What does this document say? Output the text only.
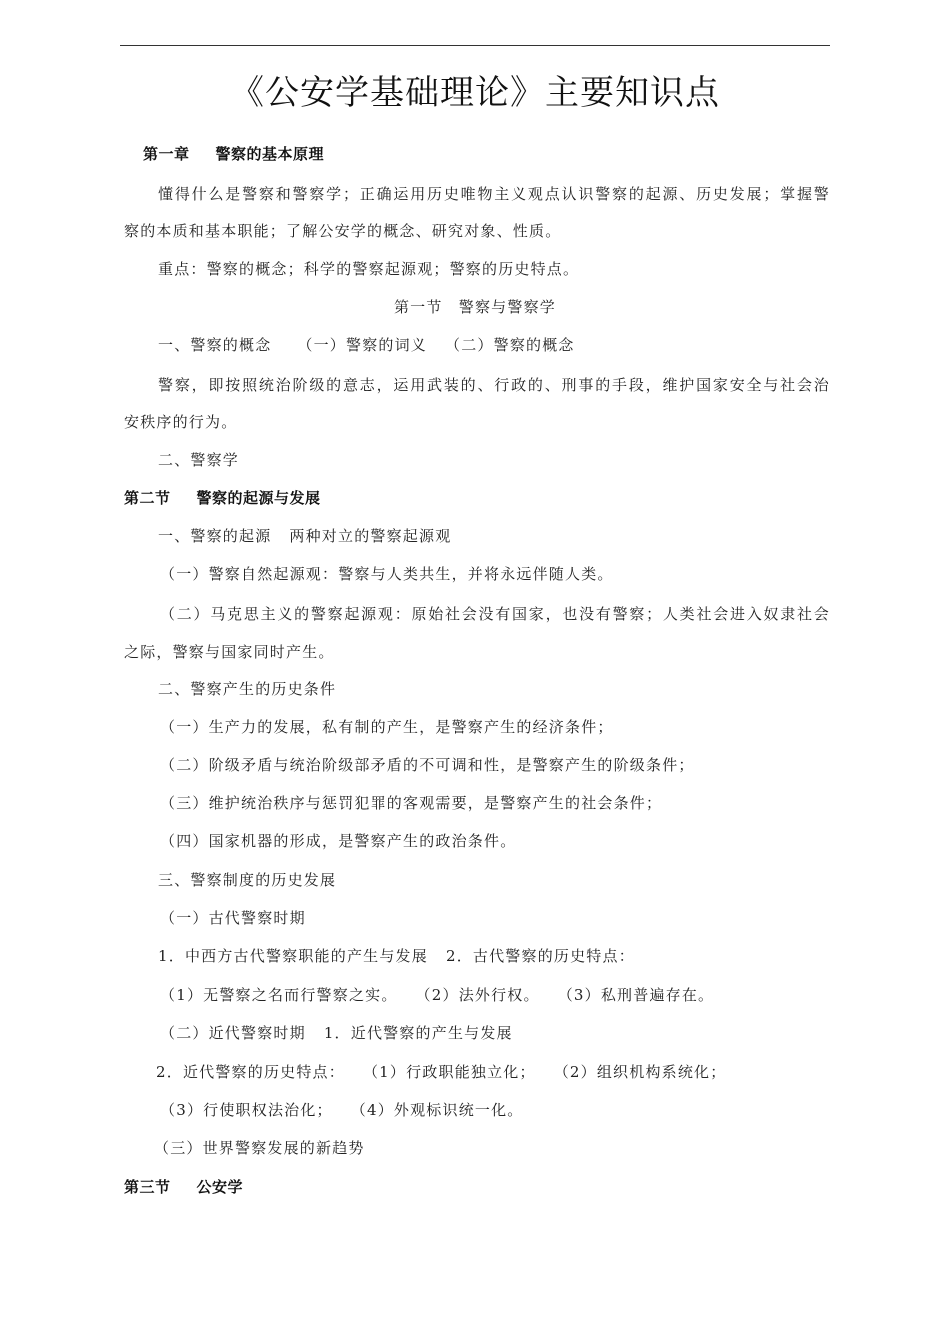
《公安学基础理论》主要知识点
第一章 警察的基本原理
懂得什么是警察和警察学；正确运用历史唯物主义观点认识警察的起源、历史发展；掌握警
察的本质和基本职能；了解公安学的概念、研究对象、性质。
重点：警察的概念；科学的警察起源观；警察的历史特点。
第一节　警察与警察学
一、警察的概念 （一）警察的词义 （二）警察的概念
警察，即按照统治阶级的意志，运用武装的、行政的、刑事的手段，维护国家安全与社会治
安秩序的行为。
二、警察学
第二节 警察的起源与发展
一、警察的起源 两种对立的警察起源观
（一）警察自然起源观：警察与人类共生，并将永远伴随人类。
（二）马克思主义的警察起源观：原始社会没有国家，也没有警察；人类社会进入奴隶社会
之际，警察与国家同时产生。
二、警察产生的历史条件
（一）生产力的发展，私有制的产生，是警察产生的经济条件；
（二）阶级矛盾与统治阶级部矛盾的不可调和性，是警察产生的阶级条件；
（三）维护统治秩序与惩罚犯罪的客观需要，是警察产生的社会条件；
（四）国家机器的形成，是警察产生的政治条件。
三、警察制度的历史发展
（一）古代警察时期
1．中西方古代警察职能的产生与发展 2．古代警察的历史特点：
（1）无警察之名而行警察之实。 （2）法外行权。 （3）私刑普遍存在。
（二）近代警察时期 1．近代警察的产生与发展
2．近代警察的历史特点： （1）行政职能独立化； （2）组织机构系统化；
（3）行使职权法治化； （4）外观标识统一化。
（三）世界警察发展的新趋势
第三节 公安学
